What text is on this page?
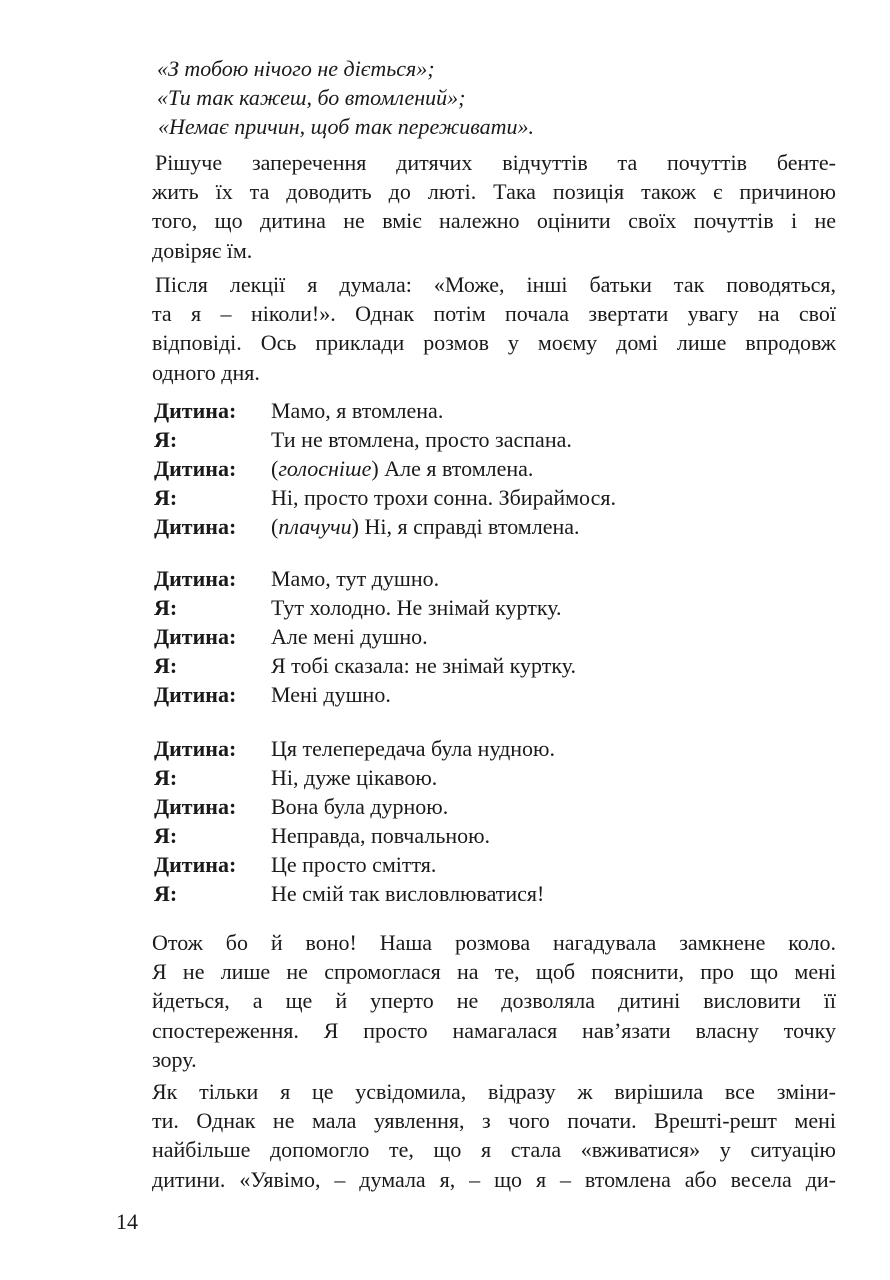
«З тобою нічого не діється»;
«Ти так кажеш, бо втомлений»;
«Немає причин, щоб так переживати».
Рішуче заперечення дитячих відчуттів та почуттів бенте-
жить їх та доводить до люті. Така позиція також є причиною
того, що дитина не вміє належно оцінити своїх почуттів і не
довіряє їм.
Після лекції я думала: «Може, інші батьки так поводяться,
та я – ніколи!». Однак потім почала звертати увагу на свої
відповіді. Ось приклади розмов у моєму домі лише впродовж
одного дня.
Дитина:	Мамо, я втомлена.
Я:	Ти не втомлена, просто заспана.
Дитина:	(голосніше) Але я втомлена.
Я:	Ні, просто трохи сонна. Збираймося.
Дитина:	(плачучи) Ні, я справді втомлена.
Дитина:	Мамо, тут душно.
Я:	Тут холодно. Не знімай куртку.
Дитина:	Але мені душно.
Я:	Я тобі сказала: не знімай куртку.
Дитина:	Мені душно.
Дитина:	Ця телепередача була нудною.
Я:	Ні, дуже цікавою.
Дитина:	Вона була дурною.
Я:	Неправда, повчальною.
Дитина:	Це просто сміття.
Я:	Не смій так висловлюватися!
Отож бо й воно! Наша розмова нагадувала замкнене коло.
Я не лише не спромоглася на те, щоб пояснити, про що мені
йдеться, а ще й уперто не дозволяла дитині висловити її
спостереження. Я просто намагалася нав’язати власну точку
зору.
Як тільки я це усвідомила, відразу ж вирішила все зміни-
ти. Однак не мала уявлення, з чого почати. Врешті-решт мені
найбільше допомогло те, що я стала «вживатися» у ситуацію
дитини. «Уявімо, – думала я, – що я – втомлена або весела ди-
14
